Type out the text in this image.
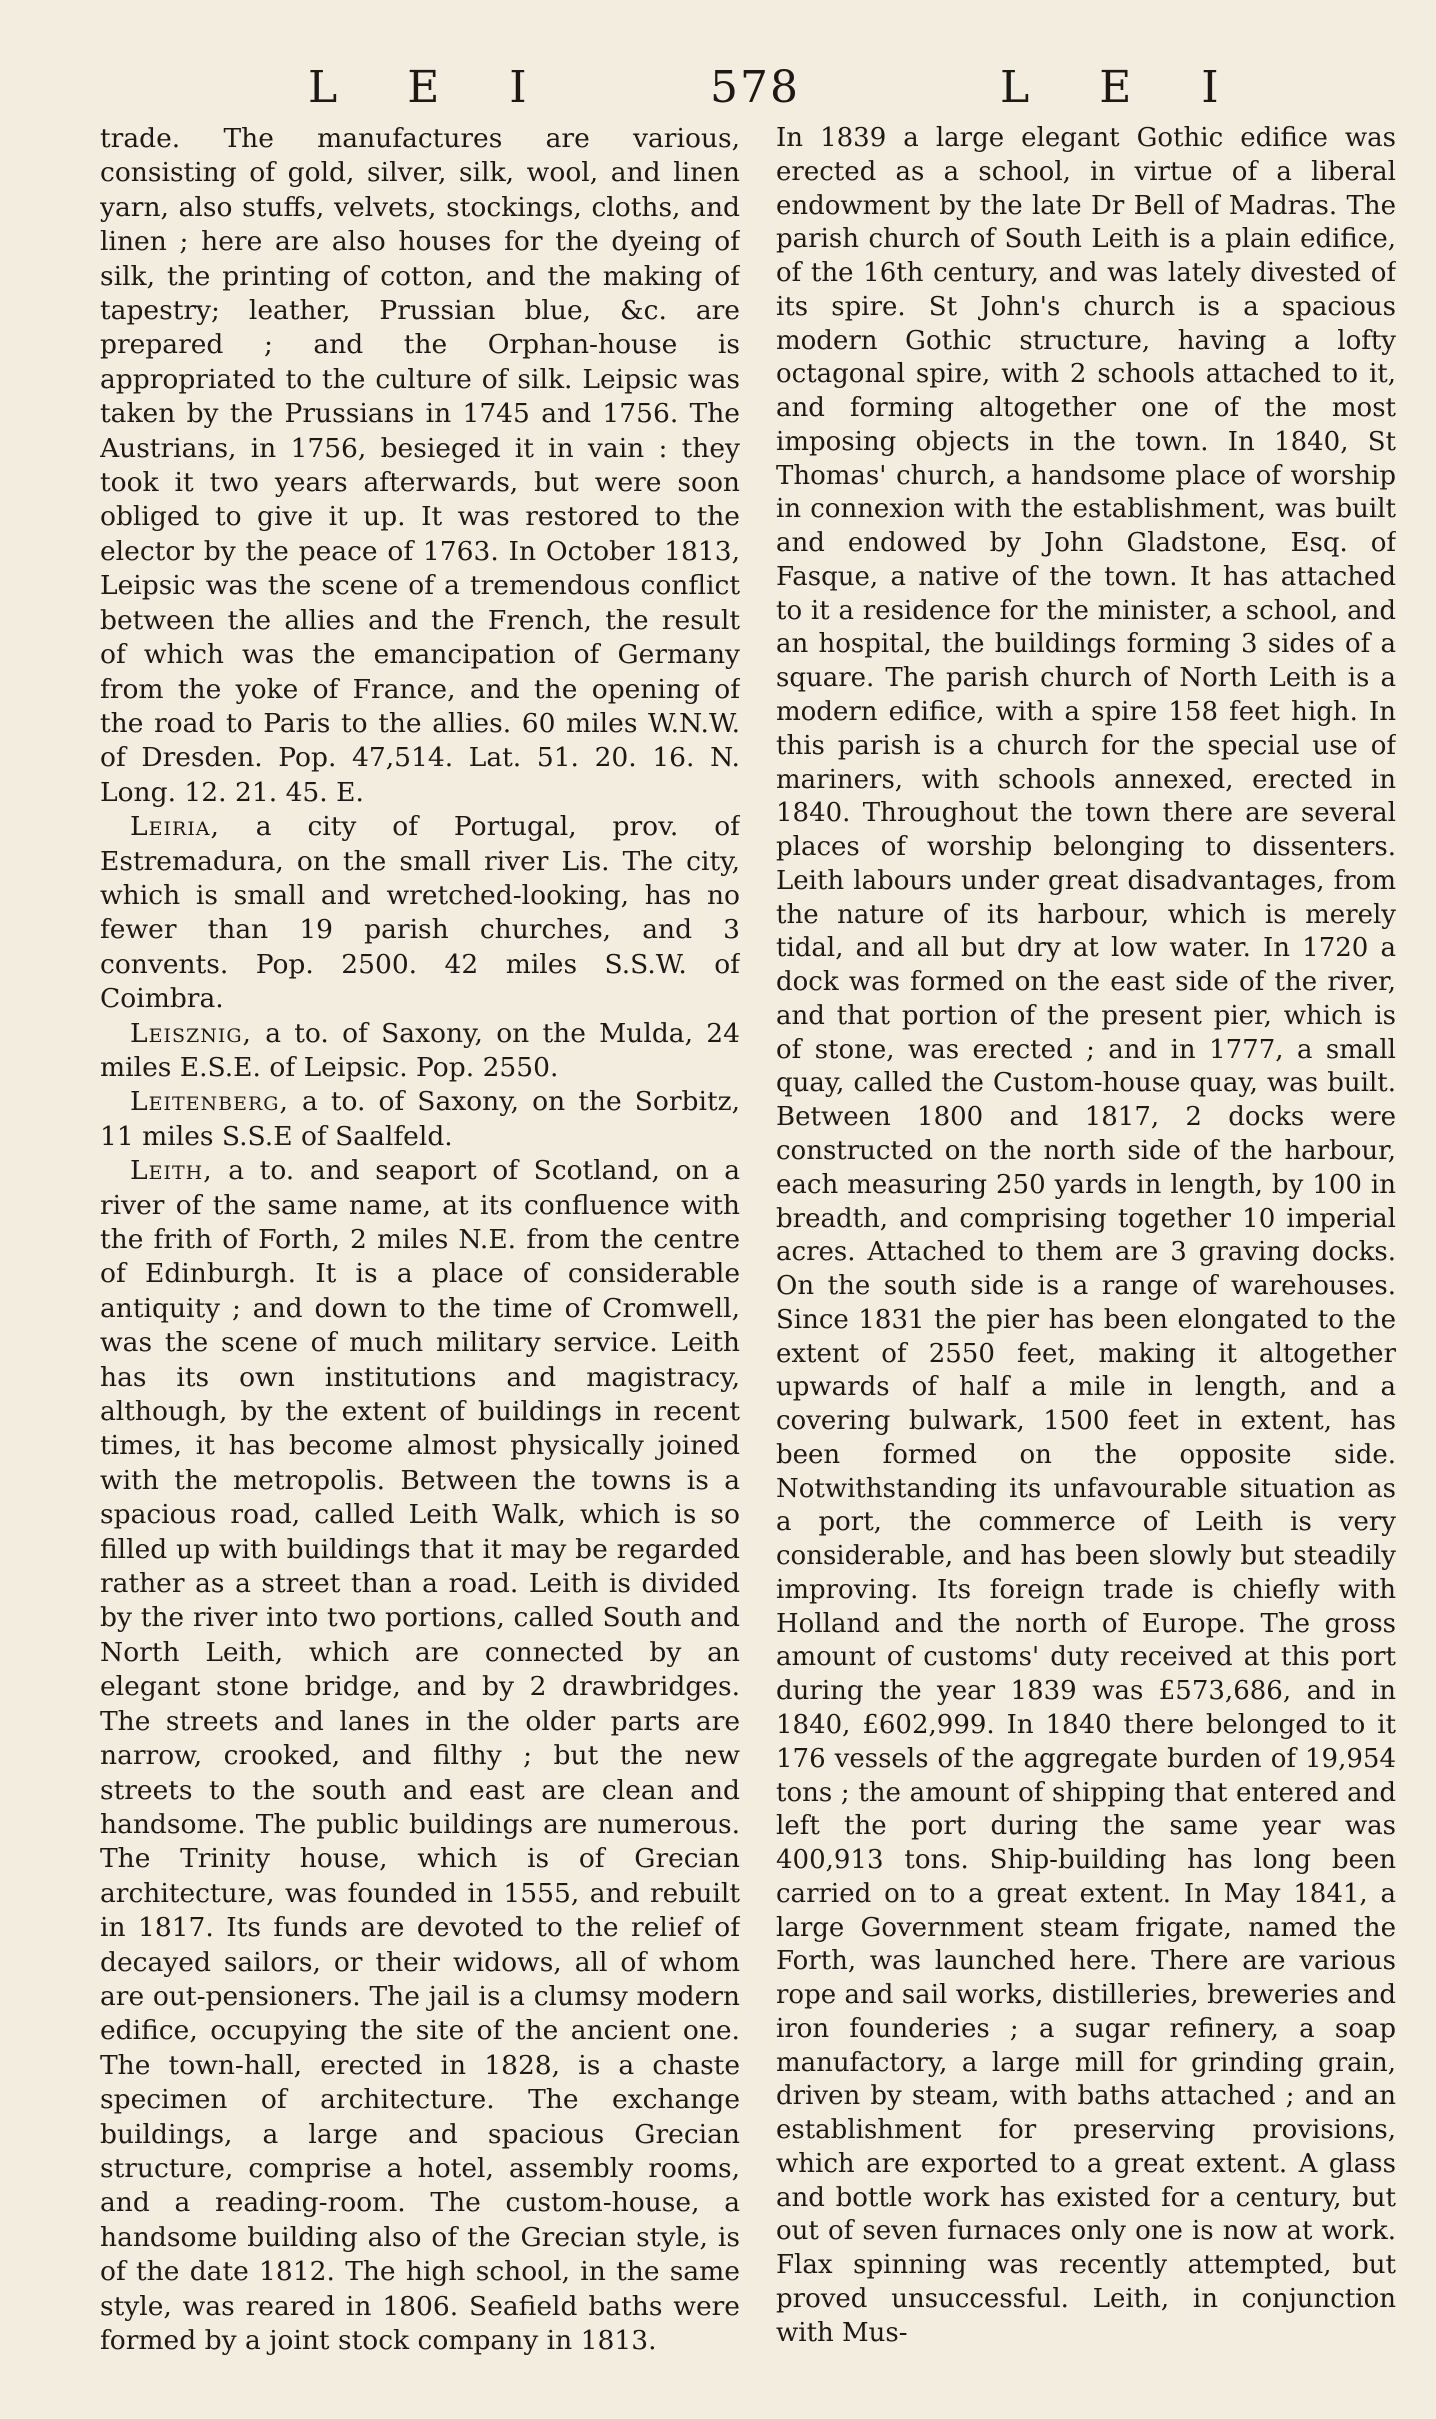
L E I	578	L E I

trade. The manufactures are various, consisting of gold, silver, silk, wool, and linen yarn, also stuffs, velvets, stockings, cloths, and linen ; here are also houses for the dyeing of silk, the printing of cotton, and the making of tapestry; leather, Prussian blue, &c. are prepared ; and the Orphan-house is appropriated to the culture of silk. Leipsic was taken by the Prussians in 1745 and 1756. The Austrians, in 1756, besieged it in vain : they took it two years afterwards, but were soon obliged to give it up. It was restored to the elector by the peace of 1763. In October 1813, Leipsic was the scene of a tremendous conflict between the allies and the French, the result of which was the emancipation of Germany from the yoke of France, and the opening of the road to Paris to the allies. 60 miles W.N.W. of Dresden. Pop. 47,514. Lat. 51. 20. 16. N. Long. 12. 21. 45. E.

Leiria, a city of Portugal, prov. of Estremadura, on the small river Lis. The city, which is small and wretched-looking, has no fewer than 19 parish churches, and 3 convents. Pop. 2500. 42 miles S.S.W. of Coimbra.

Leisznig, a to. of Saxony, on the Mulda, 24 miles E.S.E. of Leipsic. Pop. 2550.

Leitenberg, a to. of Saxony, on the Sorbitz, 11 miles S.S.E of Saalfeld.

Leith, a to. and seaport of Scotland, on a river of the same name, at its confluence with the frith of Forth, 2 miles N.E. from the centre of Edinburgh. It is a place of considerable antiquity ; and down to the time of Cromwell, was the scene of much military service. Leith has its own institutions and magistracy, although, by the extent of buildings in recent times, it has become almost physically joined with the metropolis. Between the towns is a spacious road, called Leith Walk, which is so filled up with buildings that it may be regarded rather as a street than a road. Leith is divided by the river into two portions, called South and North Leith, which are connected by an elegant stone bridge, and by 2 drawbridges. The streets and lanes in the older parts are narrow, crooked, and filthy ; but the new streets to the south and east are clean and handsome. The public buildings are numerous. The Trinity house, which is of Grecian architecture, was founded in 1555, and rebuilt in 1817. Its funds are devoted to the relief of decayed sailors, or their widows, all of whom are out-pensioners. The jail is a clumsy modern edifice, occupying the site of the ancient one. The town-hall, erected in 1828, is a chaste specimen of architecture. The exchange buildings, a large and spacious Grecian structure, comprise a hotel, assembly rooms, and a reading-room. The custom-house, a handsome building also of the Grecian style, is of the date 1812. The high school, in the same style, was reared in 1806. Seafield baths were formed by a joint stock company in 1813.

In 1839 a large elegant Gothic edifice was erected as a school, in virtue of a liberal endowment by the late Dr Bell of Madras. The parish church of South Leith is a plain edifice, of the 16th century, and was lately divested of its spire. St John's church is a spacious modern Gothic structure, having a lofty octagonal spire, with 2 schools attached to it, and forming altogether one of the most imposing objects in the town. In 1840, St Thomas' church, a handsome place of worship in connexion with the establishment, was built and endowed by John Gladstone, Esq. of Fasque, a native of the town. It has attached to it a residence for the minister, a school, and an hospital, the buildings forming 3 sides of a square. The parish church of North Leith is a modern edifice, with a spire 158 feet high. In this parish is a church for the special use of mariners, with schools annexed, erected in 1840. Throughout the town there are several places of worship belonging to dissenters. Leith labours under great disadvantages, from the nature of its harbour, which is merely tidal, and all but dry at low water. In 1720 a dock was formed on the east side of the river, and that portion of the present pier, which is of stone, was erected ; and in 1777, a small quay, called the Custom-house quay, was built. Between 1800 and 1817, 2 docks were constructed on the north side of the harbour, each measuring 250 yards in length, by 100 in breadth, and comprising together 10 imperial acres. Attached to them are 3 graving docks. On the south side is a range of warehouses. Since 1831 the pier has been elongated to the extent of 2550 feet, making it altogether upwards of half a mile in length, and a covering bulwark, 1500 feet in extent, has been formed on the opposite side. Notwithstanding its unfavourable situation as a port, the commerce of Leith is very considerable, and has been slowly but steadily improving. Its foreign trade is chiefly with Holland and the north of Europe. The gross amount of customs' duty received at this port during the year 1839 was £573,686, and in 1840, £602,999. In 1840 there belonged to it 176 vessels of the aggregate burden of 19,954 tons ; the amount of shipping that entered and left the port during the same year was 400,913 tons. Ship-building has long been carried on to a great extent. In May 1841, a large Government steam frigate, named the Forth, was launched here. There are various rope and sail works, distilleries, breweries and iron founderies ; a sugar refinery, a soap manufactory, a large mill for grinding grain, driven by steam, with baths attached ; and an establishment for preserving provisions, which are exported to a great extent. A glass and bottle work has existed for a century, but out of seven furnaces only one is now at work. Flax spinning was recently attempted, but proved unsuccessful. Leith, in conjunction with Mus-
